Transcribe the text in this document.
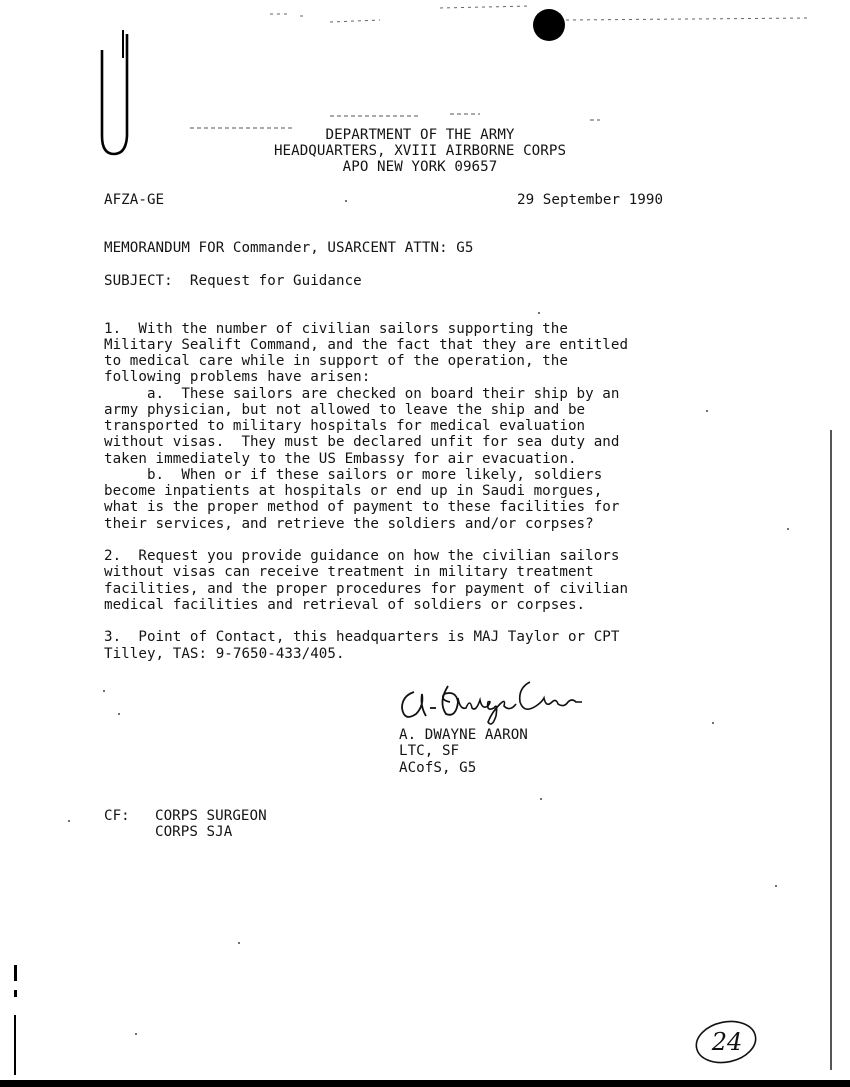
DEPARTMENT OF THE ARMY

HEADQUARTERS, XVIII AIRBORNE CORPS

APO NEW YORK 09657

AFZA-GE	29 September 1990

MEMORANDUM FOR Commander, USARCENT ATTN: G5

SUBJECT:  Request for Guidance

1.  With the number of civilian sailors supporting the

Military Sealift Command, and the fact that they are entitled

to medical care while in support of the operation, the

following problems have arisen:

a.  These sailors are checked on board their ship by an

army physician, but not allowed to leave the ship and be

transported to military hospitals for medical evaluation

without visas.  They must be declared unfit for sea duty and

taken immediately to the US Embassy for air evacuation.

b.  When or if these sailors or more likely, soldiers

become inpatients at hospitals or end up in Saudi morgues,

what is the proper method of payment to these facilities for

their services, and retrieve the soldiers and/or corpses?

2.  Request you provide guidance on how the civilian sailors

without visas can receive treatment in military treatment

facilities, and the proper procedures for payment of civilian

medical facilities and retrieval of soldiers or corpses.

3.  Point of Contact, this headquarters is MAJ Taylor or CPT

Tilley, TAS: 9-7650-433/405.

A. DWAYNE AARON

LTC, SF

ACofS, G5

CF: CORPS SURGEON

CORPS SJA

24
